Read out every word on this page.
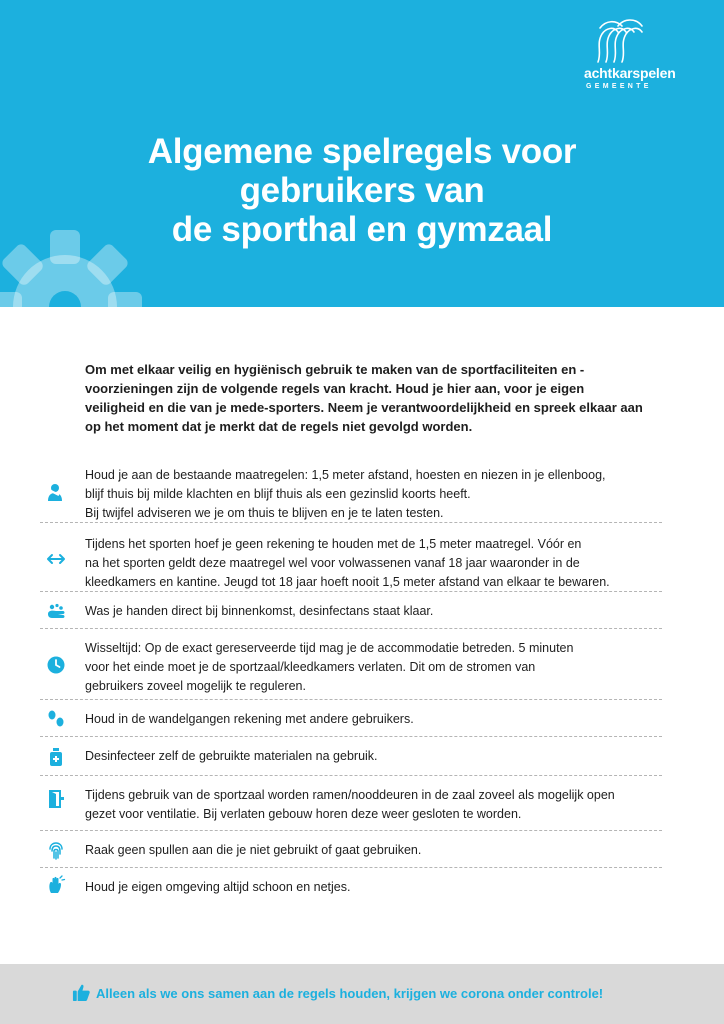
achtkarspelen
GEMEENTE
Algemene spelregels voor
gebruikers van
de sporthal en gymzaal

Om met elkaar veilig en hygiënisch gebruik te maken van de sportfaciliteiten en -voorzieningen zijn de volgende regels van kracht. Houd je hier aan, voor je eigen veiligheid en die van je mede-sporters. Neem je verantwoordelijkheid en spreek elkaar aan op het moment dat je merkt dat de regels niet gevolgd worden.

Houd je aan de bestaande maatregelen: 1,5 meter afstand, hoesten en niezen in je ellenboog,
blijf thuis bij milde klachten en blijf thuis als een gezinslid koorts heeft.
Bij twijfel adviseren we je om thuis te blijven en je te laten testen.
Tijdens het sporten hoef je geen rekening te houden met de 1,5 meter maatregel. Vóór en
na het sporten geldt deze maatregel wel voor volwassenen vanaf 18 jaar waaronder in de
kleedkamers en kantine. Jeugd tot 18 jaar hoeft nooit 1,5 meter afstand van elkaar te bewaren.
Was je handen direct bij binnenkomst, desinfectans staat klaar.
Wisseltijd: Op de exact gereserveerde tijd mag je de accommodatie betreden. 5 minuten
voor het einde moet je de sportzaal/kleedkamers verlaten. Dit om de stromen van
gebruikers zoveel mogelijk te reguleren.
Houd in de wandelgangen rekening met andere gebruikers.
Desinfecteer zelf de gebruikte materialen na gebruik.
Tijdens gebruik van de sportzaal worden ramen/nooddeuren in de zaal zoveel als mogelijk open
gezet voor ventilatie. Bij verlaten gebouw horen deze weer gesloten te worden.
Raak geen spullen aan die je niet gebruikt of gaat gebruiken.
Houd je eigen omgeving altijd schoon en netjes.
Alleen als we ons samen aan de regels houden, krijgen we corona onder controle!
